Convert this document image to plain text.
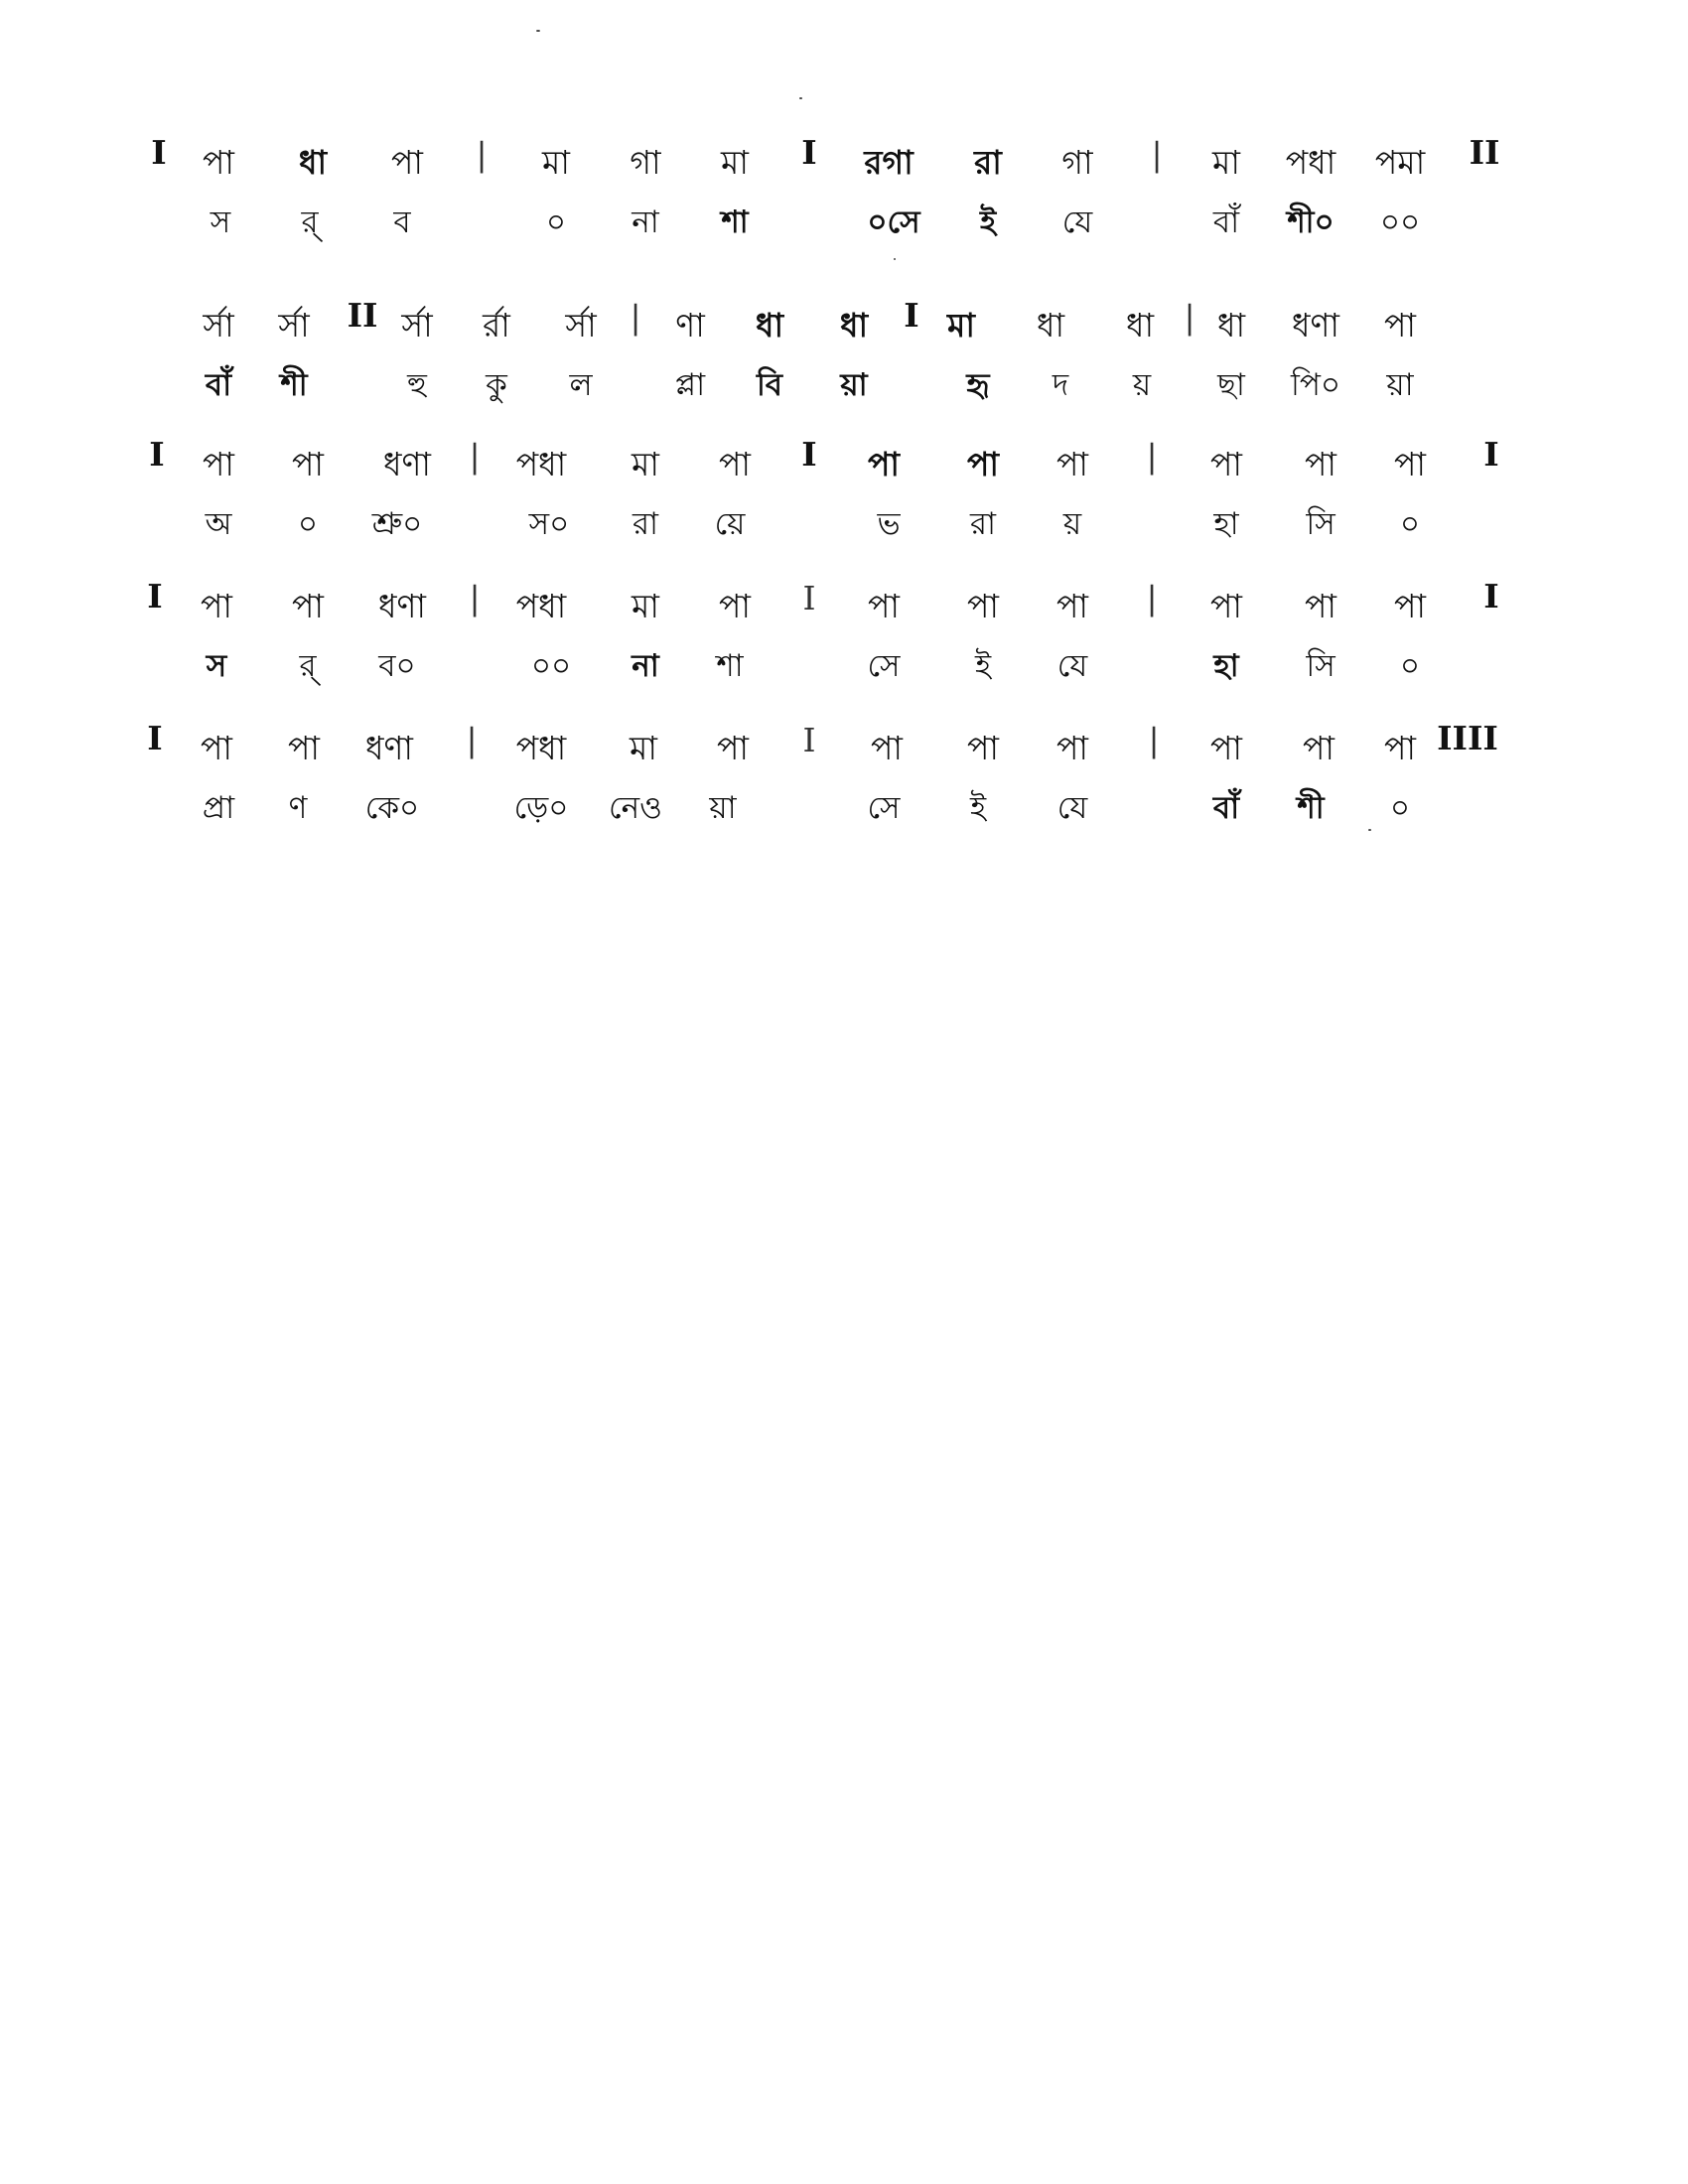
I পা ধা পা | মা গা মা I রগা রা গা | মা পধা পমা II
স র্ ব	০ না শা	০সে ই যে	বাঁ শী০ ০০
র্সা র্সা II র্সা র্রা র্সা | ণা ধা ধা I মা ধা ধা | ধা ধণা পা
বাঁ শী	হু কু ল	প্লা বি য়া	হৃ দ য় ছা পি০ য়া
I পা পা ধণা | পধা মা পা I পা পা পা | পা পা পা I
অ ০ শ্রু০	স০ রা য়ে	ভ রা য়	হা সি ০
I পা পা ধণা | পধা মা পা I পা পা পা | পা পা পা I
স র্ ব০	০০ না শা	সে ই যে	হা সি ০
I পা পা ধণা | পধা মা পা I পা পা পা | পা পা পা IIII
প্রা ণ কে০	ড়ে০ নেও য়া	সে ই যে	বাঁ শী ০
